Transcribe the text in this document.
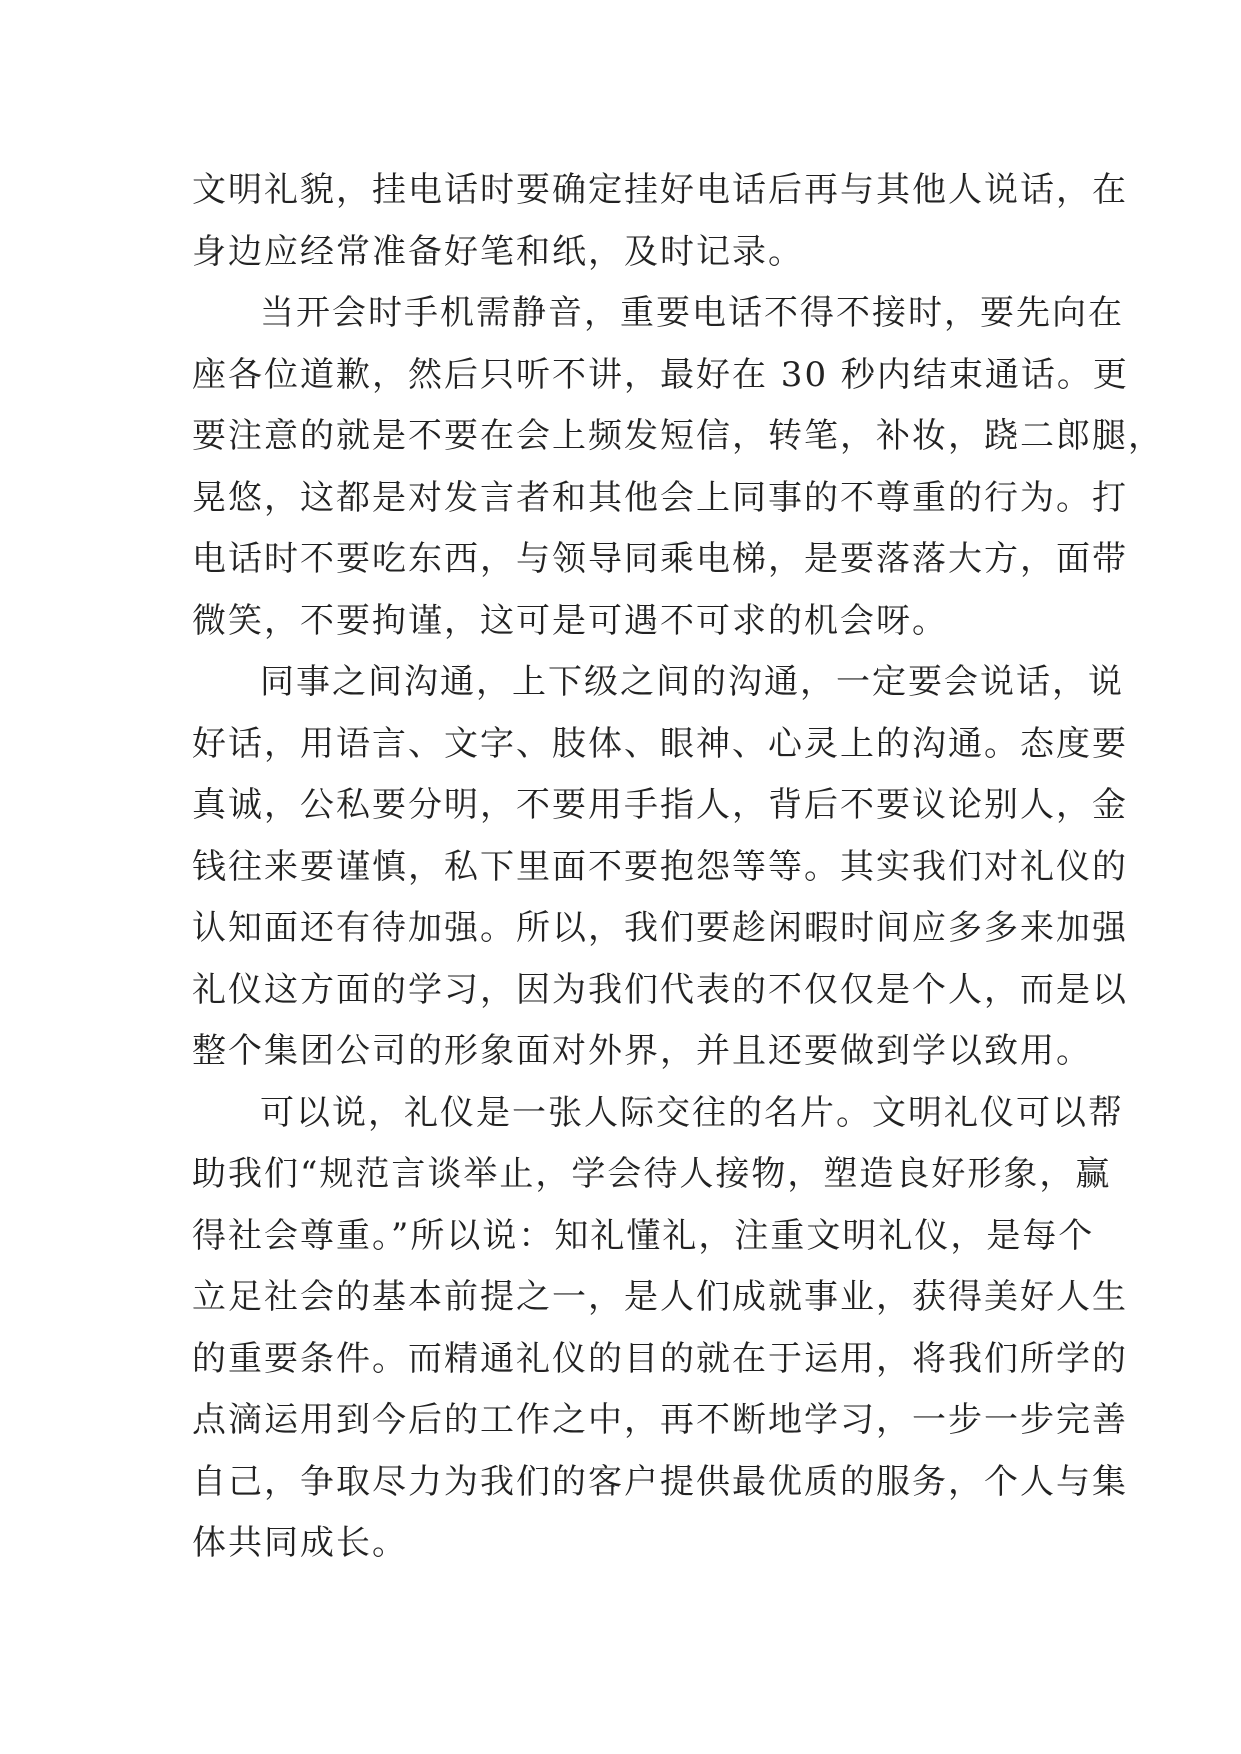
文明礼貌，挂电话时要确定挂好电话后再与其他人说话，在
身边应经常准备好笔和纸，及时记录。
当开会时手机需静音，重要电话不得不接时，要先向在
座各位道歉，然后只听不讲，最好在 30 秒内结束通话。更
要注意的就是不要在会上频发短信，转笔，补妆，跷二郎腿，
晃悠，这都是对发言者和其他会上同事的不尊重的行为。打
电话时不要吃东西，与领导同乘电梯，是要落落大方，面带
微笑，不要拘谨，这可是可遇不可求的机会呀。
同事之间沟通，上下级之间的沟通，一定要会说话，说
好话，用语言、文字、肢体、眼神、心灵上的沟通。态度要
真诚，公私要分明，不要用手指人，背后不要议论别人，金
钱往来要谨慎，私下里面不要抱怨等等。其实我们对礼仪的
认知面还有待加强。所以，我们要趁闲暇时间应多多来加强
礼仪这方面的学习，因为我们代表的不仅仅是个人，而是以
整个集团公司的形象面对外界，并且还要做到学以致用。
可以说，礼仪是一张人际交往的名片。文明礼仪可以帮
助我们“规范言谈举止，学会待人接物，塑造良好形象，赢
得社会尊重。”所以说：知礼懂礼，注重文明礼仪，是每个
立足社会的基本前提之一，是人们成就事业，获得美好人生
的重要条件。而精通礼仪的目的就在于运用，将我们所学的
点滴运用到今后的工作之中，再不断地学习，一步一步完善
自己，争取尽力为我们的客户提供最优质的服务，个人与集
体共同成长。
